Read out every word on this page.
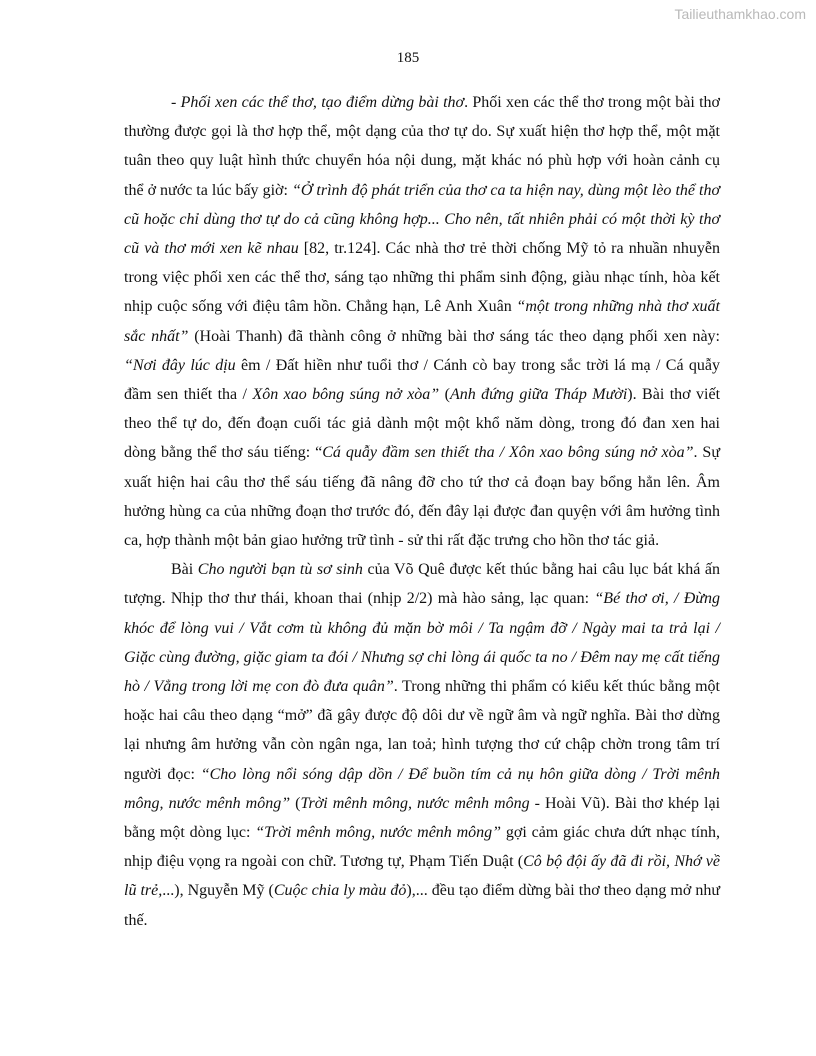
Tailieuthamkhao.com
185

- Phối xen các thể thơ, tạo điểm dừng bài thơ. Phối xen các thể thơ trong một bài thơ thường được gọi là thơ hợp thể, một dạng của thơ tự do. Sự xuất hiện thơ hợp thể, một mặt tuân theo quy luật hình thức chuyển hóa nội dung, mặt khác nó phù hợp với hoàn cảnh cụ thể ở nước ta lúc bấy giờ: “Ở trình độ phát triển của thơ ca ta hiện nay, dùng một lèo thể thơ cũ hoặc chỉ dùng thơ tự do cả cũng không hợp... Cho nên, tất nhiên phải có một thời kỳ thơ cũ và thơ mới xen kẽ nhau [82, tr.124]. Các nhà thơ trẻ thời chống Mỹ tỏ ra nhuần nhuyễn trong việc phối xen các thể thơ, sáng tạo những thi phẩm sinh động, giàu nhạc tính, hòa kết nhịp cuộc sống với điệu tâm hồn. Chẳng hạn, Lê Anh Xuân “một trong những nhà thơ xuất sắc nhất” (Hoài Thanh) đã thành công ở những bài thơ sáng tác theo dạng phối xen này: “Nơi đây lúc dịu êm / Đất hiền như tuổi thơ / Cánh cò bay trong sắc trời lá mạ / Cá quẫy đầm sen thiết tha / Xôn xao bông súng nở xòa” (Anh đứng giữa Tháp Mười). Bài thơ viết theo thể tự do, đến đoạn cuối tác giả dành một một khổ năm dòng, trong đó đan xen hai dòng bằng thể thơ sáu tiếng: “Cá quẫy đầm sen thiết tha / Xôn xao bông súng nở xòa”. Sự xuất hiện hai câu thơ thể sáu tiếng đã nâng đỡ cho tứ thơ cả đoạn bay bổng hẳn lên. Âm hưởng hùng ca của những đoạn thơ trước đó, đến đây lại được đan quyện với âm hưởng tình ca, hợp thành một bản giao hưởng trữ tình - sử thi rất đặc trưng cho hồn thơ tác giả.

Bài Cho người bạn tù sơ sinh của Võ Quê được kết thúc bằng hai câu lục bát khá ấn tượng. Nhịp thơ thư thái, khoan thai (nhịp 2/2) mà hào sảng, lạc quan: “Bé thơ ơi, / Đừng khóc để lòng vui / Vắt cơm tù không đủ mặn bờ môi / Ta ngậm đỡ / Ngày mai ta trả lại / Giặc cùng đường, giặc giam ta đói / Nhưng sợ chi lòng ái quốc ta no / Đêm nay mẹ cất tiếng hò / Vẳng trong lời mẹ con đò đưa quân”. Trong những thi phẩm có kiểu kết thúc bằng một hoặc hai câu theo dạng “mở” đã gây được độ dôi dư về ngữ âm và ngữ nghĩa. Bài thơ dừng lại nhưng âm hưởng vẫn còn ngân nga, lan toả; hình tượng thơ cứ chập chờn trong tâm trí người đọc: “Cho lòng nổi sóng dập dồn / Để buồn tím cả nụ hôn giữa dòng / Trời mênh mông, nước mênh mông” (Trời mênh mông, nước mênh mông - Hoài Vũ). Bài thơ khép lại bằng một dòng lục: “Trời mênh mông, nước mênh mông” gợi cảm giác chưa dứt nhạc tính, nhịp điệu vọng ra ngoài con chữ. Tương tự, Phạm Tiến Duật (Cô bộ đội ấy đã đi rồi, Nhớ về lũ trẻ,...), Nguyễn Mỹ (Cuộc chia ly màu đỏ),... đều tạo điểm dừng bài thơ theo dạng mở như thế.
